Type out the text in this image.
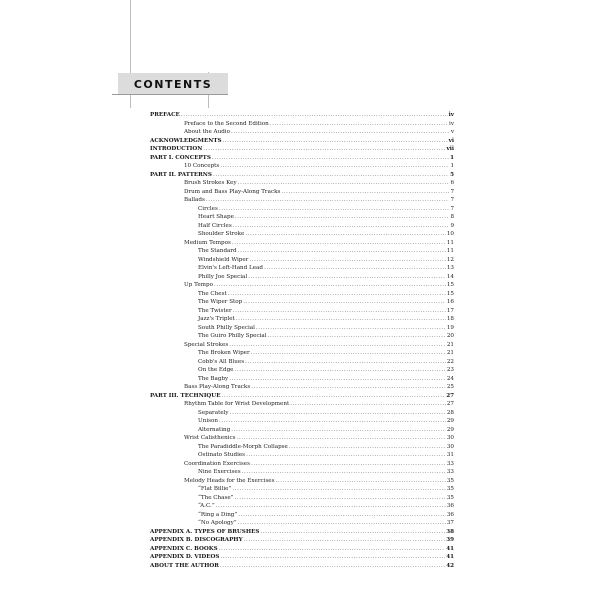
CONTENTS
PREFACE .....	iv
Preface to the Second Edition .....	iv
About the Audio .....	v
ACKNOWLEDGMENTS .....	vi
INTRODUCTION .....	vii
PART I. CONCEPTS .....	1
10 Concepts .....	1
PART II. PATTERNS .....	5
Brush Strokes Key .....	6
Drum and Bass Play-Along Tracks .....	7
Ballads .....	7
Circles .....	7
Heart Shape .....	8
Half Circles .....	9
Shoulder Stroke .....	10
Medium Tempos .....	11
The Standard .....	11
Windshield Wiper .....	12
Elvin's Left-Hand Lead .....	13
Philly Joe Special .....	14
Up Tempo .....	15
The Chest .....	15
The Wiper Stop .....	16
The Twister .....	17
Jazz's Triplet .....	18
South Philly Special .....	19
The Guiro Philly Special .....	20
Special Strokes .....	21
The Broken Wiper .....	21
Cobb's All Blues .....	22
On the Edge .....	23
The Bagby .....	24
Bass Play-Along Tracks .....	25
PART III. TECHNIQUE .....	27
Rhythm Table for Wrist Development .....	27
Separately .....	28
Unison .....	29
Alternating .....	29
Wrist Calisthenics .....	30
The Paradiddle-Morph Collapse .....	30
Ostinato Studies .....	31
Coordination Exercises .....	33
Nine Exercises .....	33
Melody Heads for the Exercises .....	35
“Flat Billie” .....	35
“The Chase” .....	35
“A.C.” .....	36
“Ring a Ding” .....	36
“No Apology” .....	37
APPENDIX A. TYPES OF BRUSHES .....	38
APPENDIX B. DISCOGRAPHY .....	39
APPENDIX C. BOOKS .....	41
APPENDIX D. VIDEOS .....	41
ABOUT THE AUTHOR .....	42
